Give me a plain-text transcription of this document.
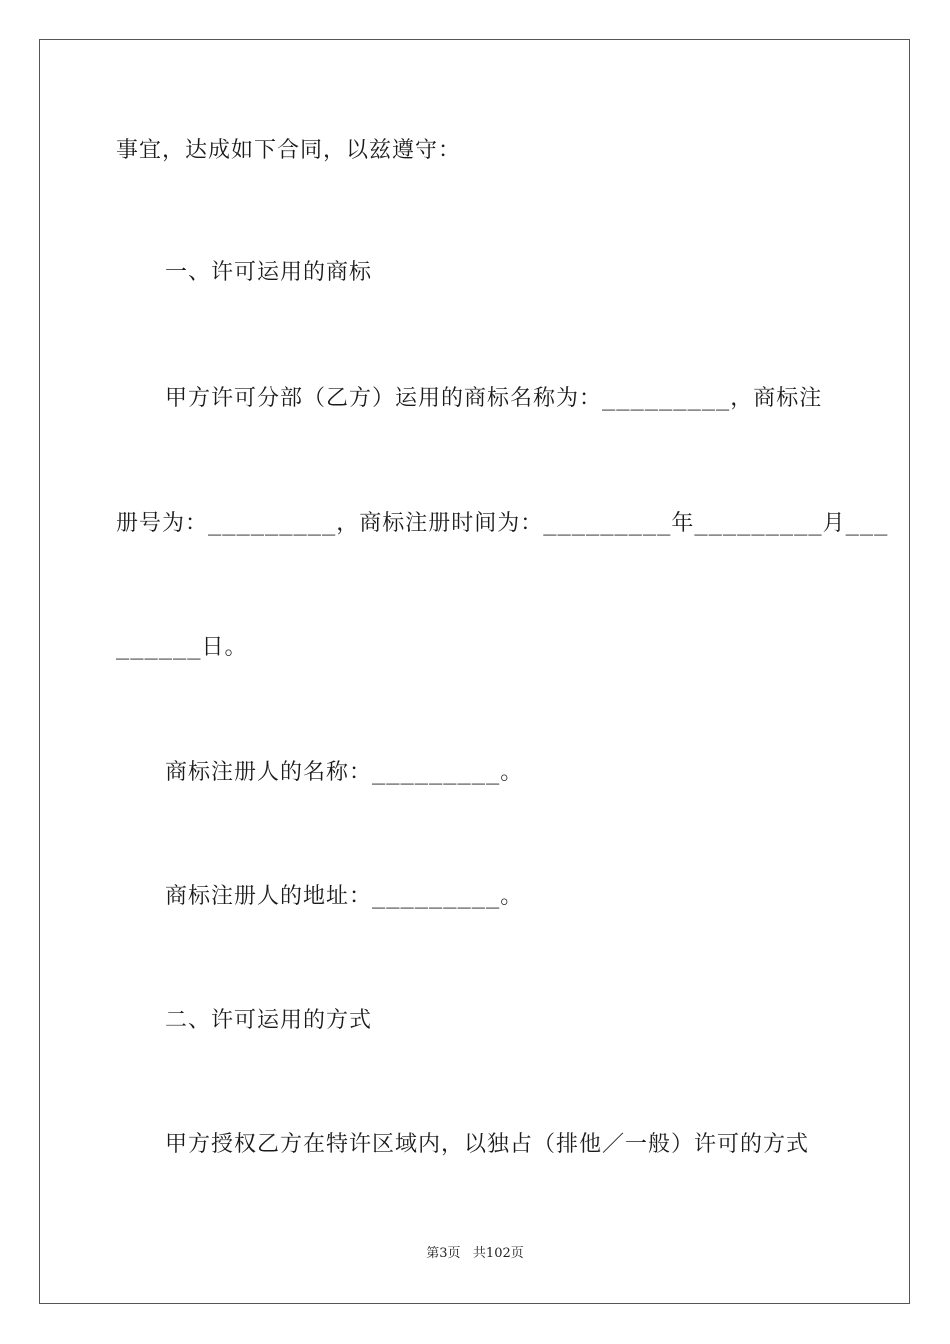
事宜，达成如下合同，以兹遵守：
一、许可运用的商标
甲方许可分部（乙方）运用的商标名称为：_________，商标注
册号为：_________，商标注册时间为：_________年_________月___
______日。
商标注册人的名称：_________。
商标注册人的地址：_________。
二、许可运用的方式
甲方授权乙方在特许区域内，以独占（排他／一般）许可的方式
第3页 共102页
